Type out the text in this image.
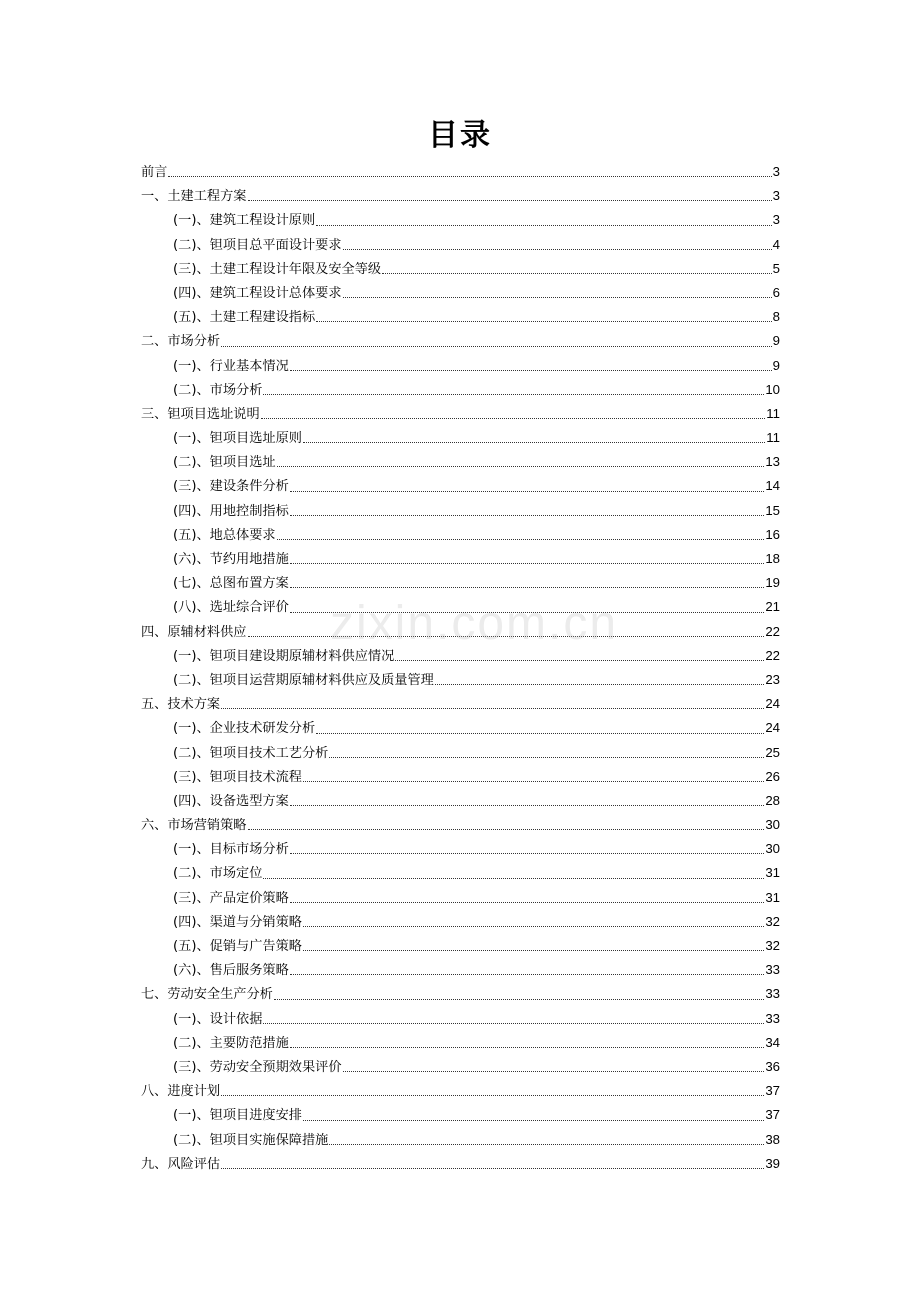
目录
前言	3
一、土建工程方案	3
(一)、建筑工程设计原则	3
(二)、钽项目总平面设计要求	4
(三)、土建工程设计年限及安全等级	5
(四)、建筑工程设计总体要求	6
(五)、土建工程建设指标	8
二、市场分析	9
(一)、行业基本情况	9
(二)、市场分析	10
三、钽项目选址说明	11
(一)、钽项目选址原则	11
(二)、钽项目选址	13
(三)、建设条件分析	14
(四)、用地控制指标	15
(五)、地总体要求	16
(六)、节约用地措施	18
(七)、总图布置方案	19
(八)、选址综合评价	21
四、原辅材料供应	22
(一)、钽项目建设期原辅材料供应情况	22
(二)、钽项目运营期原辅材料供应及质量管理	23
五、技术方案	24
(一)、企业技术研发分析	24
(二)、钽项目技术工艺分析	25
(三)、钽项目技术流程	26
(四)、设备选型方案	28
六、市场营销策略	30
(一)、目标市场分析	30
(二)、市场定位	31
(三)、产品定价策略	31
(四)、渠道与分销策略	32
(五)、促销与广告策略	32
(六)、售后服务策略	33
七、劳动安全生产分析	33
(一)、设计依据	33
(二)、主要防范措施	34
(三)、劳动安全预期效果评价	36
八、进度计划	37
(一)、钽项目进度安排	37
(二)、钽项目实施保障措施	38
九、风险评估	39
zixin.com.cn
